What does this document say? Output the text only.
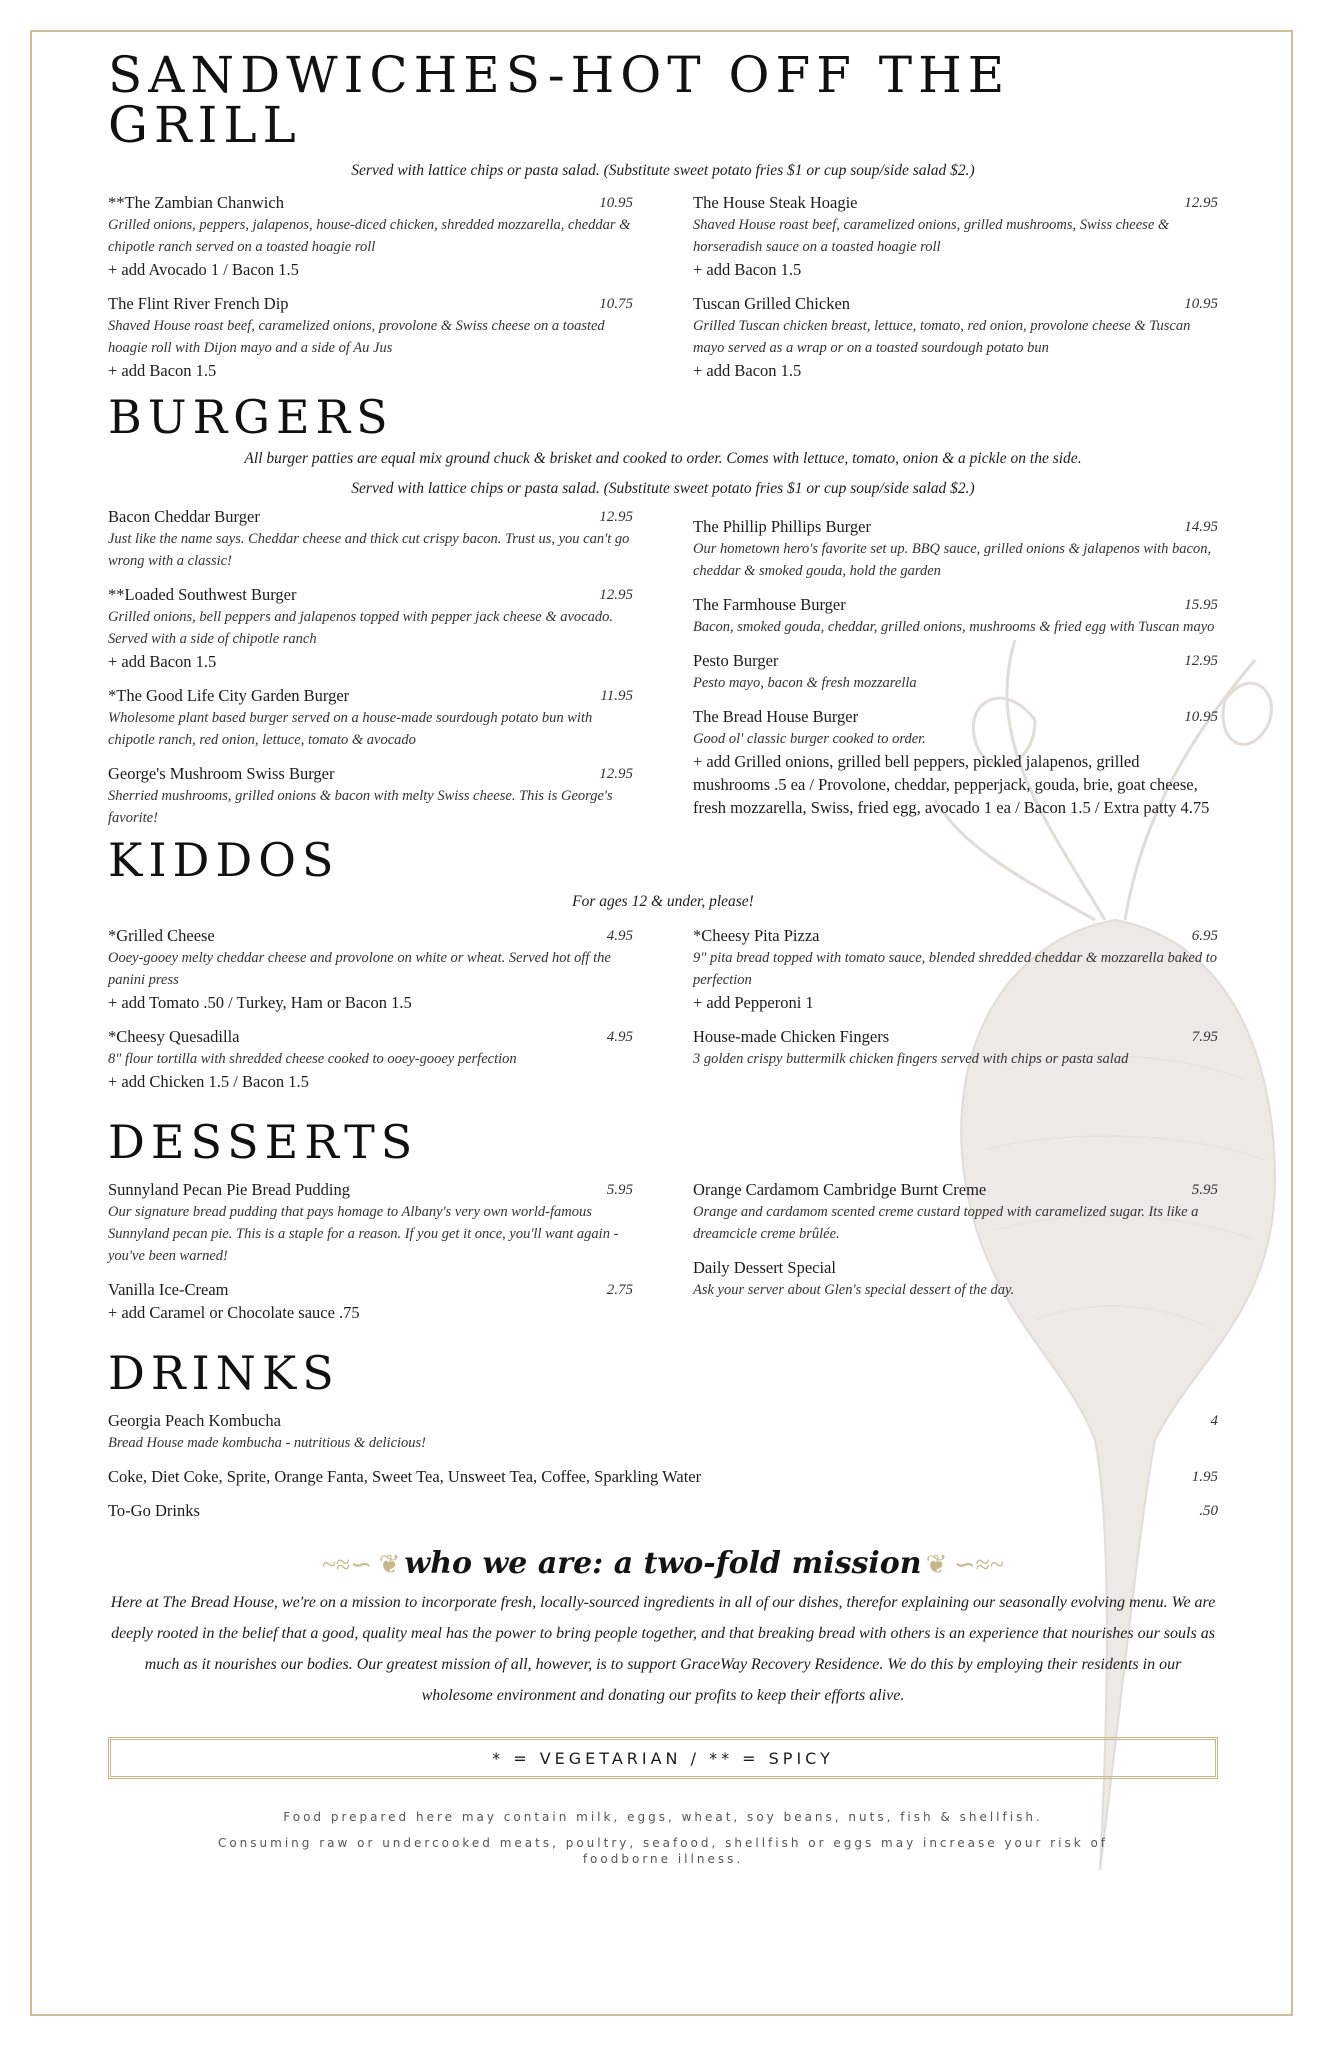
SANDWICHES-HOT OFF THE GRILL

Served with lattice chips or pasta salad. (Substitute sweet potato fries $1 or cup soup/side salad $2.)

**The Zambian Chanwich	10.95
Grilled onions, peppers, jalapenos, house-diced chicken, shredded mozzarella, cheddar & chipotle ranch served on a toasted hoagie roll
+ add Avocado 1 / Bacon 1.5
The Flint River French Dip	10.75
Shaved House roast beef, caramelized onions, provolone & Swiss cheese on a toasted hoagie roll with Dijon mayo and a side of Au Jus
+ add Bacon 1.5
The House Steak Hoagie	12.95
Shaved House roast beef, caramelized onions, grilled mushrooms, Swiss cheese & horseradish sauce on a toasted hoagie roll
+ add Bacon 1.5
Tuscan Grilled Chicken	10.95
Grilled Tuscan chicken breast, lettuce, tomato, red onion, provolone cheese & Tuscan mayo served as a wrap or on a toasted sourdough potato bun
+ add Bacon 1.5
BURGERS

All burger patties are equal mix ground chuck & brisket and cooked to order. Comes with lettuce, tomato, onion & a pickle on the side.

Served with lattice chips or pasta salad. (Substitute sweet potato fries $1 or cup soup/side salad $2.)

Bacon Cheddar Burger	12.95
Just like the name says. Cheddar cheese and thick cut crispy bacon. Trust us, you can't go wrong with a classic!
**Loaded Southwest Burger	12.95
Grilled onions, bell peppers and jalapenos topped with pepper jack cheese & avocado. Served with a side of chipotle ranch
+ add Bacon 1.5
*The Good Life City Garden Burger	11.95
Wholesome plant based burger served on a house-made sourdough potato bun with chipotle ranch, red onion, lettuce, tomato & avocado
George's Mushroom Swiss Burger	12.95
Sherried mushrooms, grilled onions & bacon with melty Swiss cheese. This is George's favorite!
The Phillip Phillips Burger	14.95
Our hometown hero's favorite set up. BBQ sauce, grilled onions & jalapenos with bacon, cheddar & smoked gouda, hold the garden
The Farmhouse Burger	15.95
Bacon, smoked gouda, cheddar, grilled onions, mushrooms & fried egg with Tuscan mayo
Pesto Burger	12.95
Pesto mayo, bacon & fresh mozzarella
The Bread House Burger	10.95
Good ol' classic burger cooked to order.
+ add Grilled onions, grilled bell peppers, pickled jalapenos, grilled mushrooms .5 ea / Provolone, cheddar, pepperjack, gouda, brie, goat cheese, fresh mozzarella, Swiss, fried egg, avocado 1 ea / Bacon 1.5 / Extra patty 4.75
KIDDOS

For ages 12 & under, please!

*Grilled Cheese	4.95
Ooey-gooey melty cheddar cheese and provolone on white or wheat. Served hot off the panini press
+ add Tomato .50 / Turkey, Ham or Bacon 1.5
*Cheesy Quesadilla	4.95
8" flour tortilla with shredded cheese cooked to ooey-gooey perfection
+ add Chicken 1.5 / Bacon 1.5
*Cheesy Pita Pizza	6.95
9" pita bread topped with tomato sauce, blended shredded cheddar & mozzarella baked to perfection
+ add Pepperoni 1
House-made Chicken Fingers	7.95
3 golden crispy buttermilk chicken fingers served with chips or pasta salad
DESSERTS
Sunnyland Pecan Pie Bread Pudding	5.95
Our signature bread pudding that pays homage to Albany's very own world-famous Sunnyland pecan pie. This is a staple for a reason. If you get it once, you'll want again - you've been warned!
Vanilla Ice-Cream	2.75
+ add Caramel or Chocolate sauce .75
Orange Cardamom Cambridge Burnt Creme	5.95
Orange and cardamom scented creme custard topped with caramelized sugar. Its like a dreamcicle creme brûlée.
Daily Dessert Special
Ask your server about Glen's special dessert of the day.
DRINKS
Georgia Peach Kombucha	4
Bread House made kombucha - nutritious & delicious!
Coke, Diet Coke, Sprite, Orange Fanta, Sweet Tea, Unsweet Tea, Coffee, Sparkling Water	1.95
To-Go Drinks	.50
~≈∽ ❦ who we are: a two-fold mission ❦ ∽≈~

Here at The Bread House, we're on a mission to incorporate fresh, locally-sourced ingredients in all of our dishes, therefor explaining our seasonally evolving menu. We are deeply rooted in the belief that a good, quality meal has the power to bring people together, and that breaking bread with others is an experience that nourishes our souls as much as it nourishes our bodies. Our greatest mission of all, however, is to support GraceWay Recovery Residence. We do this by employing their residents in our wholesome environment and donating our profits to keep their efforts alive.

* = VEGETARIAN / ** = SPICY

Food prepared here may contain milk, eggs, wheat, soy beans, nuts, fish & shellfish.

Consuming raw or undercooked meats, poultry, seafood, shellfish or eggs may increase your risk of foodborne illness.
